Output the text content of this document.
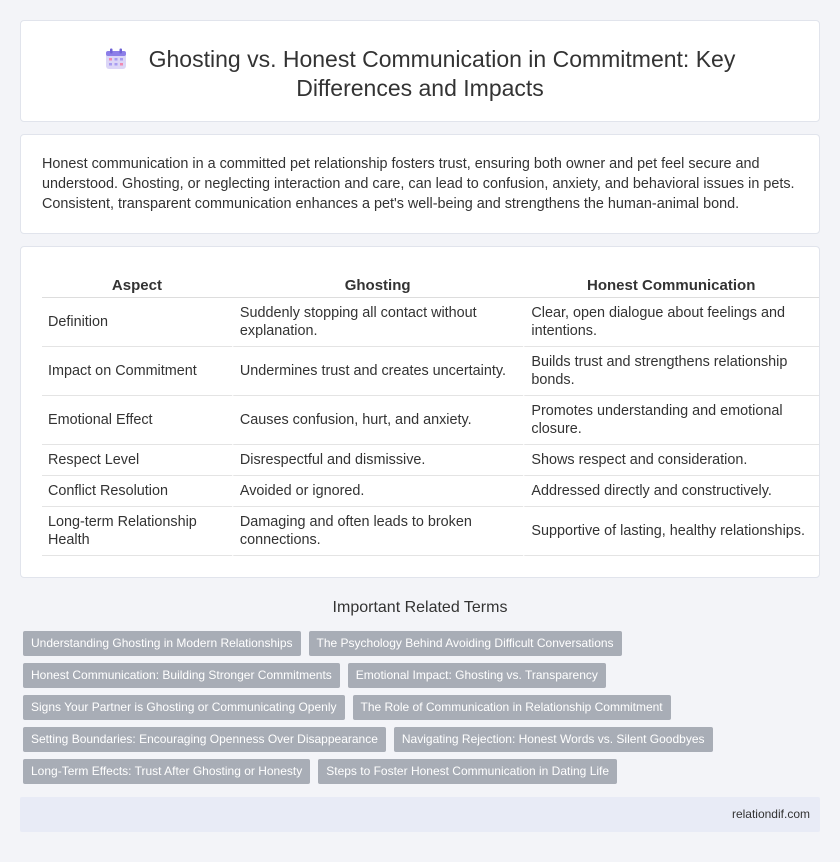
Ghosting vs. Honest Communication in Commitment: Key Differences and Impacts

Honest communication in a committed pet relationship fosters trust, ensuring both owner and pet feel secure and understood. Ghosting, or neglecting interaction and care, can lead to confusion, anxiety, and behavioral issues in pets. Consistent, transparent communication enhances a pet's well-being and strengthens the human-animal bond.

Aspect	Ghosting	Honest Communication
Definition	Suddenly stopping all contact without explanation.	Clear, open dialogue about feelings and intentions.
Impact on Commitment	Undermines trust and creates uncertainty.	Builds trust and strengthens relationship bonds.
Emotional Effect	Causes confusion, hurt, and anxiety.	Promotes understanding and emotional closure.
Respect Level	Disrespectful and dismissive.	Shows respect and consideration.
Conflict Resolution	Avoided or ignored.	Addressed directly and constructively.
Long-term Relationship Health	Damaging and often leads to broken connections.	Supportive of lasting, healthy relationships.
Important Related Terms
Understanding Ghosting in Modern Relationships	The Psychology Behind Avoiding Difficult Conversations
Honest Communication: Building Stronger Commitments	Emotional Impact: Ghosting vs. Transparency
Signs Your Partner is Ghosting or Communicating Openly	The Role of Communication in Relationship Commitment
Setting Boundaries: Encouraging Openness Over Disappearance	Navigating Rejection: Honest Words vs. Silent Goodbyes
Long-Term Effects: Trust After Ghosting or Honesty	Steps to Foster Honest Communication in Dating Life
relationdif.com
